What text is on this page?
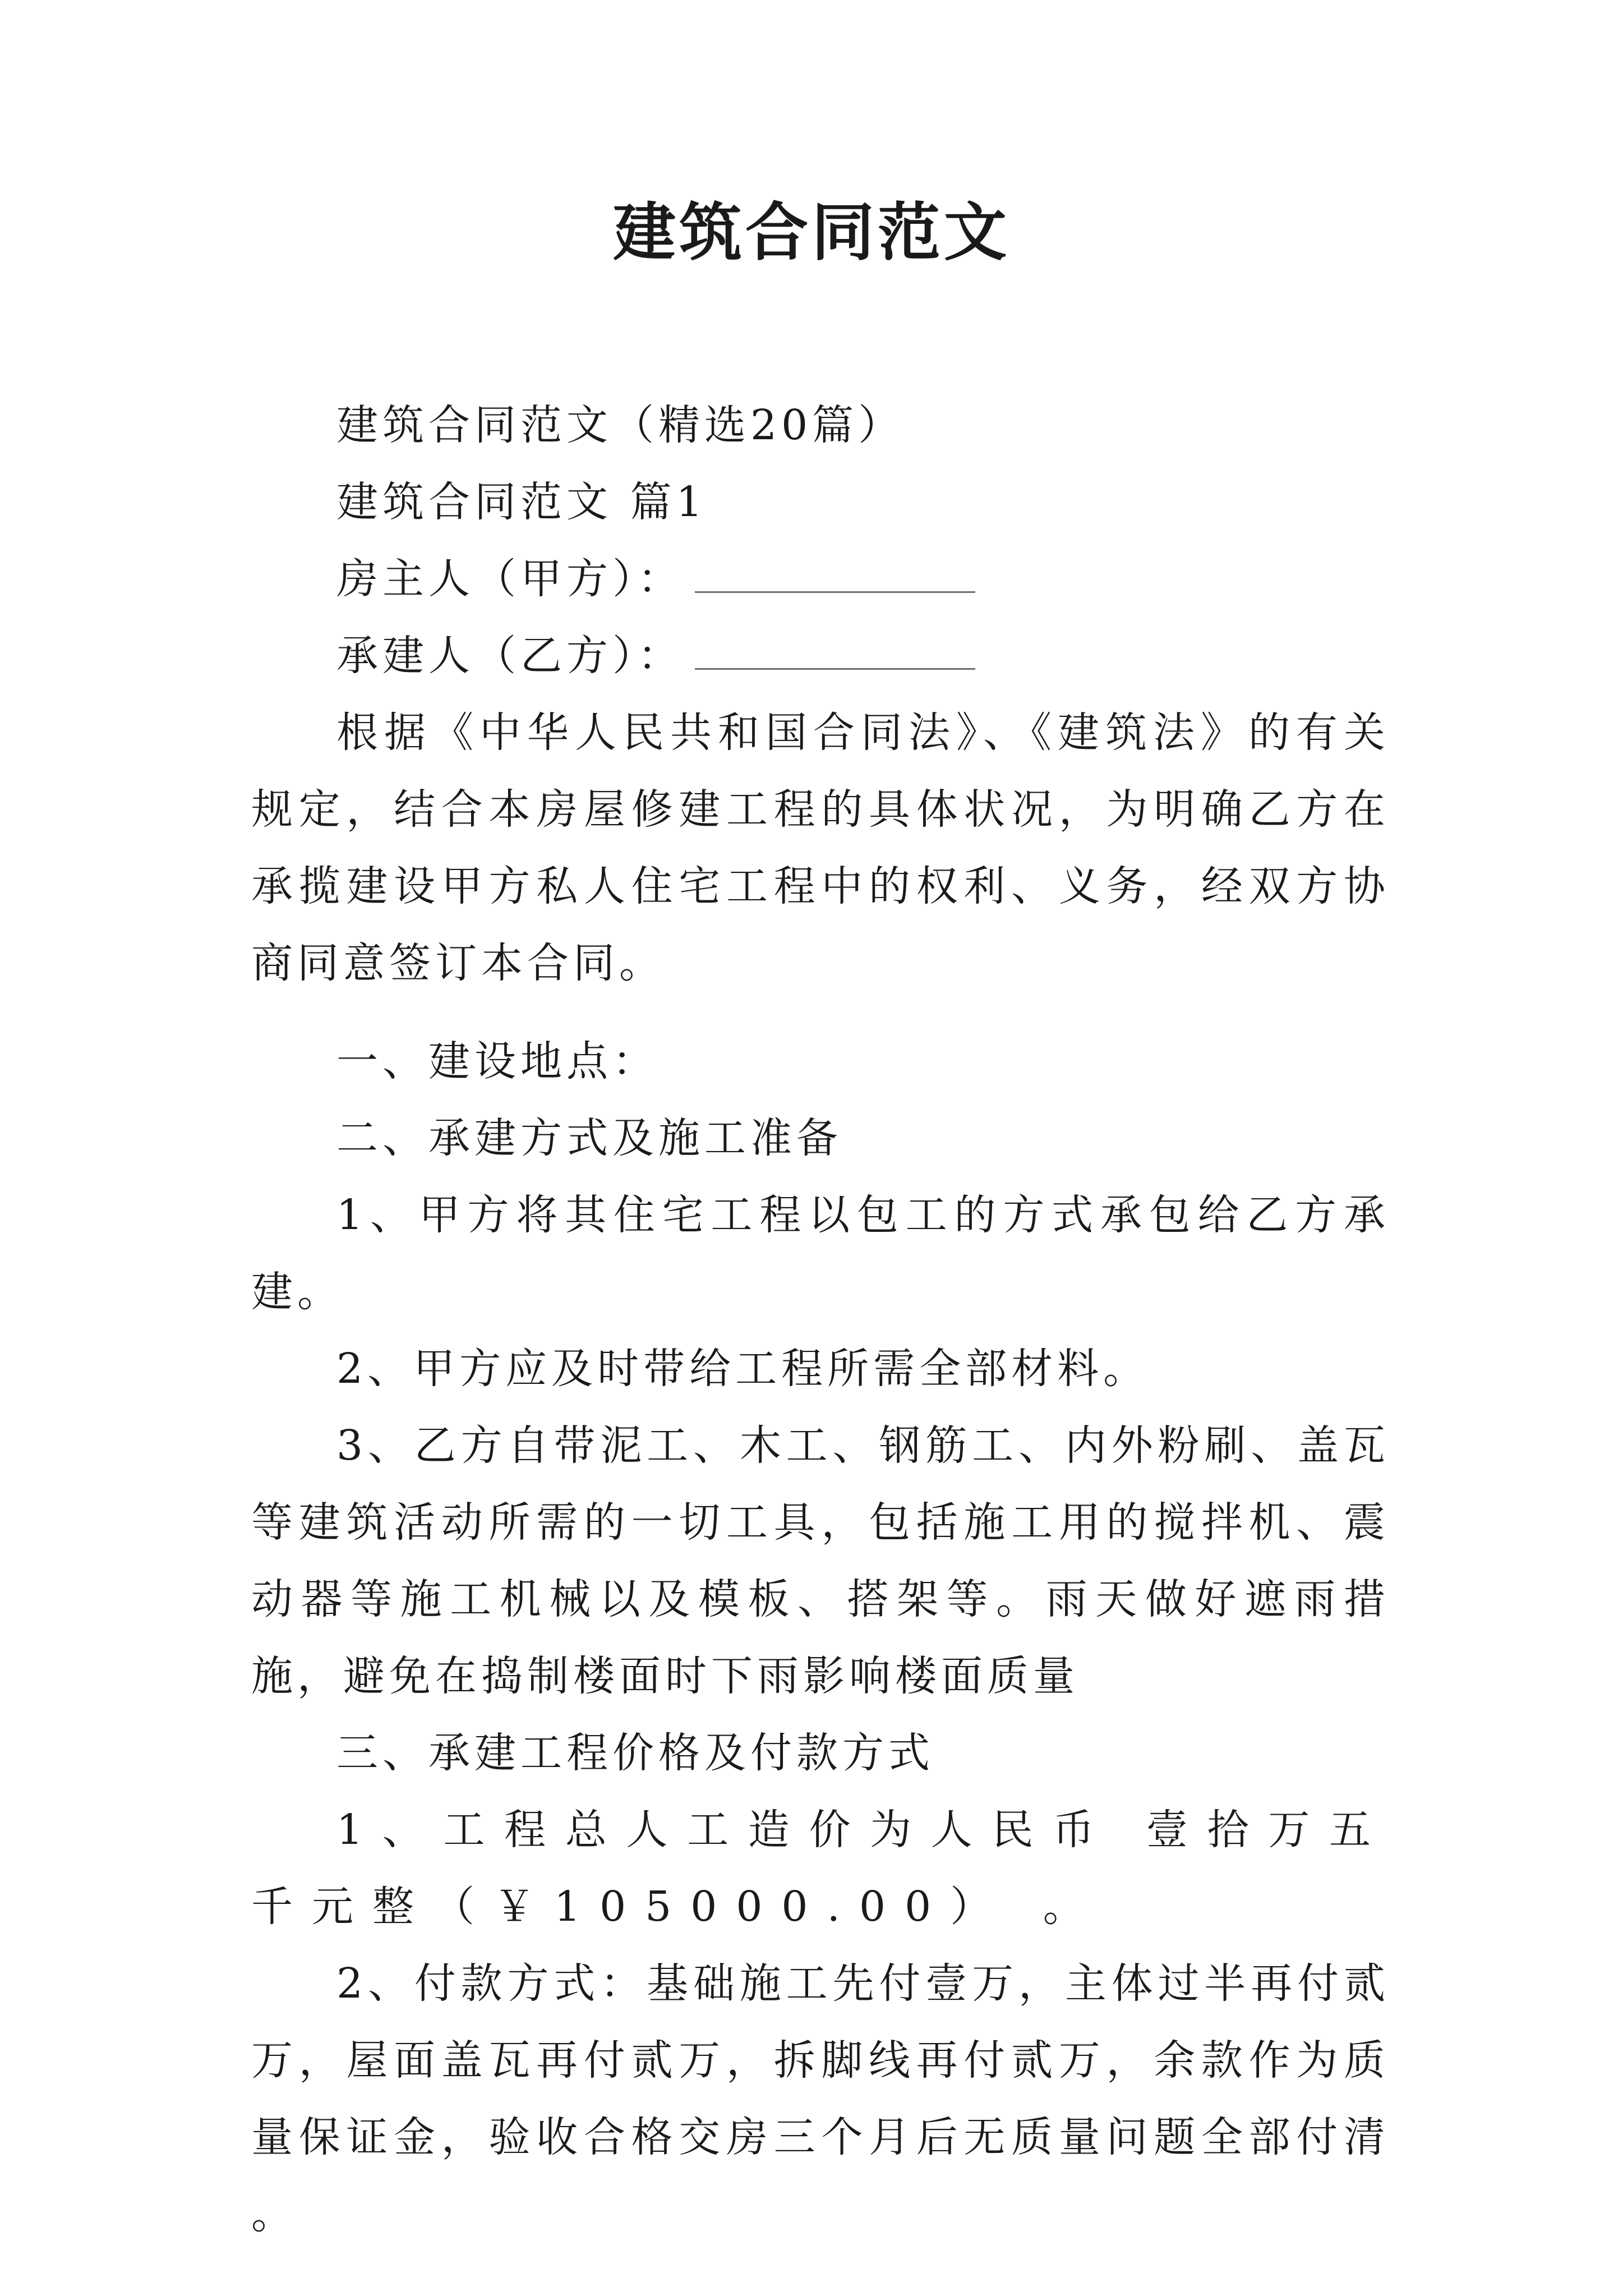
建筑合同范文

建筑合同范文（精选20篇）

建筑合同范文 篇1

房主人（甲方）：

承建人（乙方）：

根据《中华人民共和国合同法》、《建筑法》的有关规定，结合本房屋修建工程的具体状况，为明确乙方在承揽建设甲方私人住宅工程中的权利、义务，经双方协商同意签订本合同。

一、建设地点：

二、承建方式及施工准备

1、甲方将其住宅工程以包工的方式承包给乙方承建。

2、甲方应及时带给工程所需全部材料。

3、乙方自带泥工、木工、钢筋工、内外粉刷、盖瓦等建筑活动所需的一切工具，包括施工用的搅拌机、震动器等施工机械以及模板、搭架等。雨天做好遮雨措施，避免在捣制楼面时下雨影响楼面质量

三、承建工程价格及付款方式

1、工程总人工造价为人民币 壹拾万五千元整（￥105000.00） 。

2、付款方式：基础施工先付壹万，主体过半再付贰万，屋面盖瓦再付贰万，拆脚线再付贰万，余款作为质量保证金，验收合格交房三个月后无质量问题全部付清 。
